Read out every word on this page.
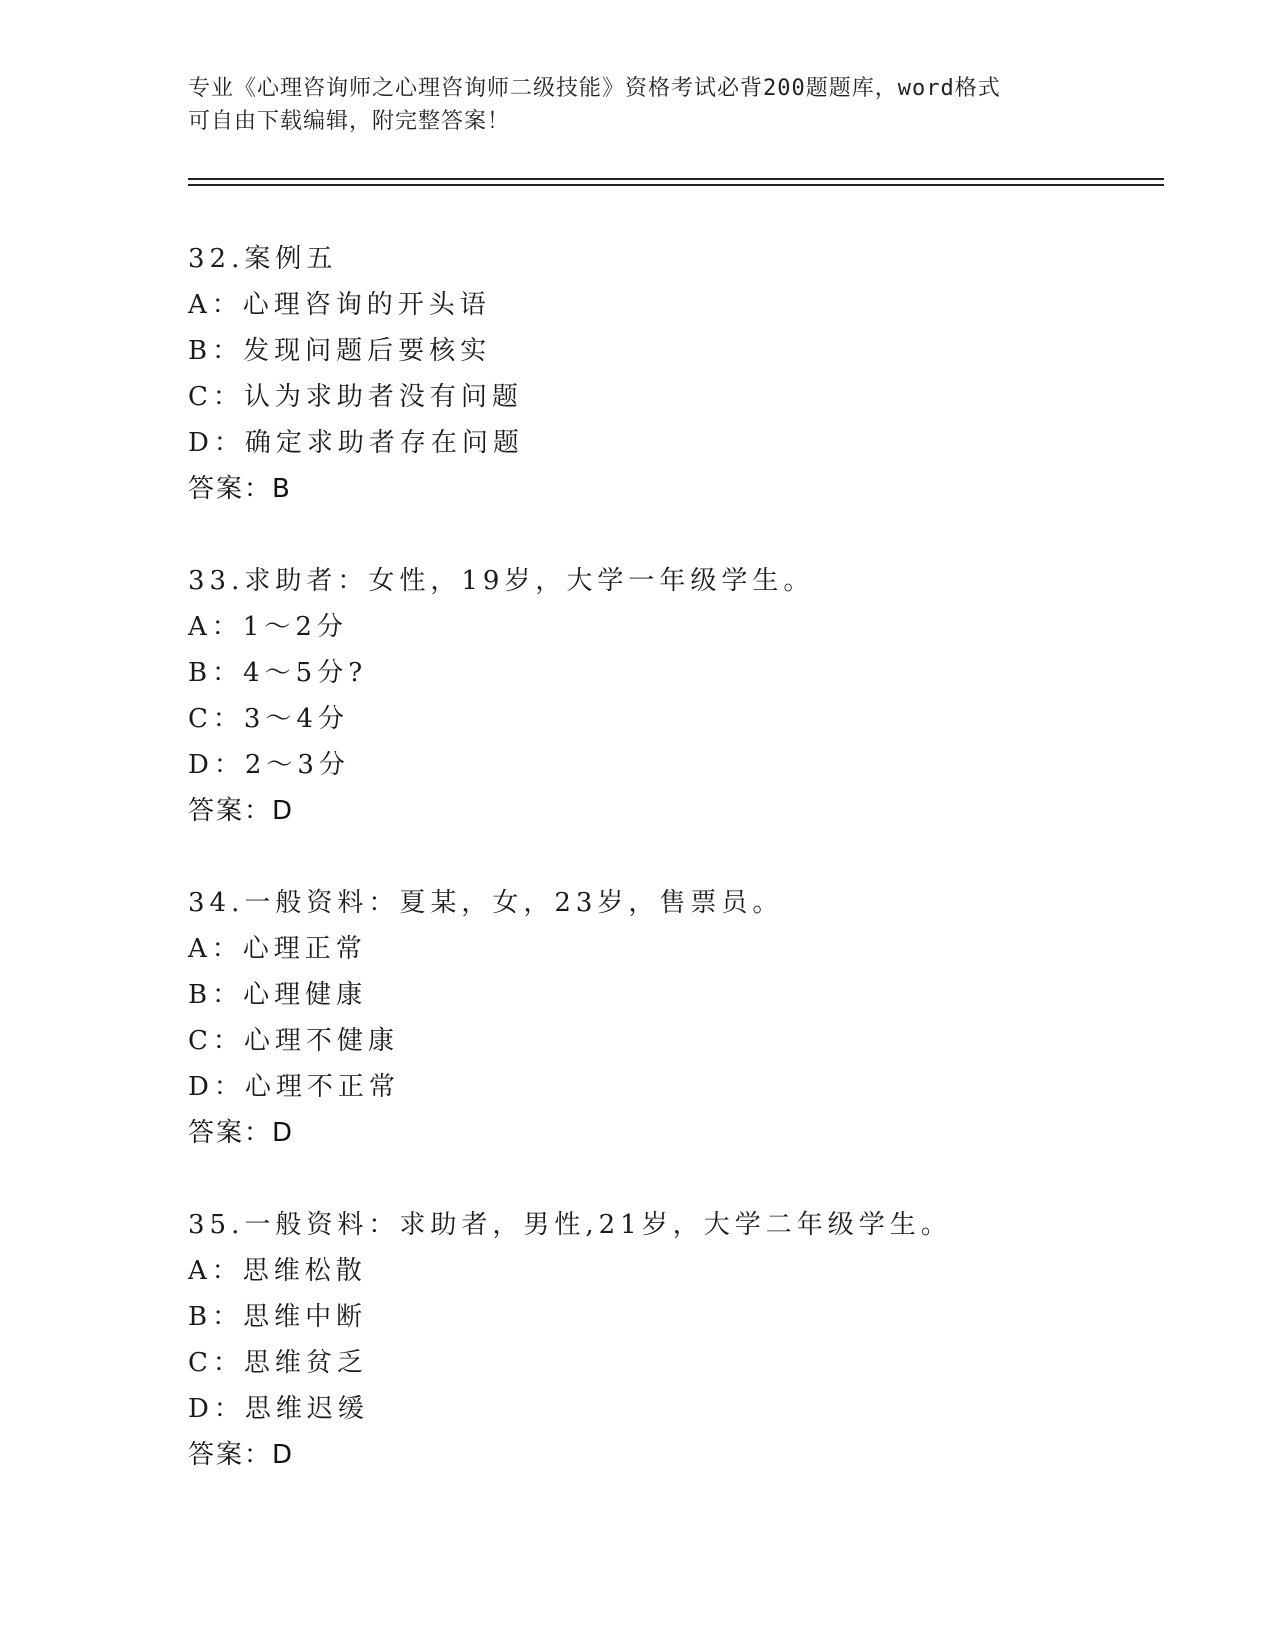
专业《心理咨询师之心理咨询师二级技能》资格考试必背200题题库，word格式
可自由下载编辑，附完整答案！
32.案例五
A：心理咨询的开头语
B：发现问题后要核实
C：认为求助者没有问题
D：确定求助者存在问题
答案：B
33.求助者：女性，19岁，大学一年级学生。
A：1～2分
B：4～5分?
C：3～4分
D：2～3分
答案：D
34.一般资料：夏某，女，23岁，售票员。
A：心理正常
B：心理健康
C：心理不健康
D：心理不正常
答案：D
35.一般资料：求助者，男性,21岁，大学二年级学生。
A：思维松散
B：思维中断
C：思维贫乏
D：思维迟缓
答案：D
